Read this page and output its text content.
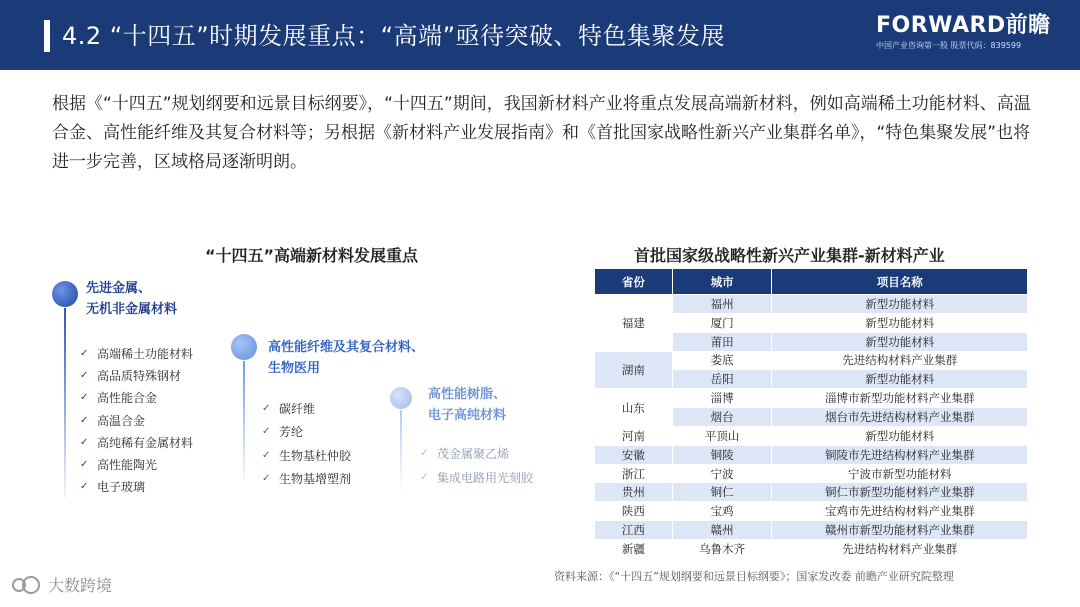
4.2 “十四五”时期发展重点：“高端”亟待突破、特色集聚发展	FORWARD前瞻
中国产业咨询第一股 股票代码：839599

根据《“十四五”规划纲要和远景目标纲要》，“十四五”期间，我国新材料产业将重点发展高端新材料，例如高端稀土功能材料、高温合金、高性能纤维及其复合材料等；另根据《新材料产业发展指南》和《首批国家战略性新兴产业集群名单》，“特色集聚发展”也将进一步完善，区域格局逐渐明朗。

“十四五”高端新材料发展重点
先进金属、
无机非金属材料
✓ 高端稀土功能材料
✓ 高品质特殊钢材
✓ 高性能合金
✓ 高温合金
✓ 高纯稀有金属材料
✓ 高性能陶光
✓ 电子玻璃
高性能纤维及其复合材料、
生物医用
✓ 碳纤维
✓ 芳纶
✓ 生物基杜仲胶
✓ 生物基增塑剂
高性能树脂、
电子高纯材料
✓ 茂金属聚乙烯
✓ 集成电路用光刻胶
首批国家级战略性新兴产业集群-新材料产业
省份	城市	项目名称
福建	福州	新型功能材料
	厦门	新型功能材料
	莆田	新型功能材料
湖南	娄底	先进结构材料产业集群
	岳阳	新型功能材料
山东	淄博	淄博市新型功能材料产业集群
	烟台	烟台市先进结构材料产业集群
河南	平顶山	新型功能材料
安徽	铜陵	铜陵市先进结构材料产业集群
浙江	宁波	宁波市新型功能材料
贵州	铜仁	铜仁市新型功能材料产业集群
陕西	宝鸡	宝鸡市先进结构材料产业集群
江西	赣州	赣州市新型功能材料产业集群
新疆	乌鲁木齐	先进结构材料产业集群
资料来源：《“十四五”规划纲要和远景目标纲要》；国家发改委 前瞻产业研究院整理
大数跨境
